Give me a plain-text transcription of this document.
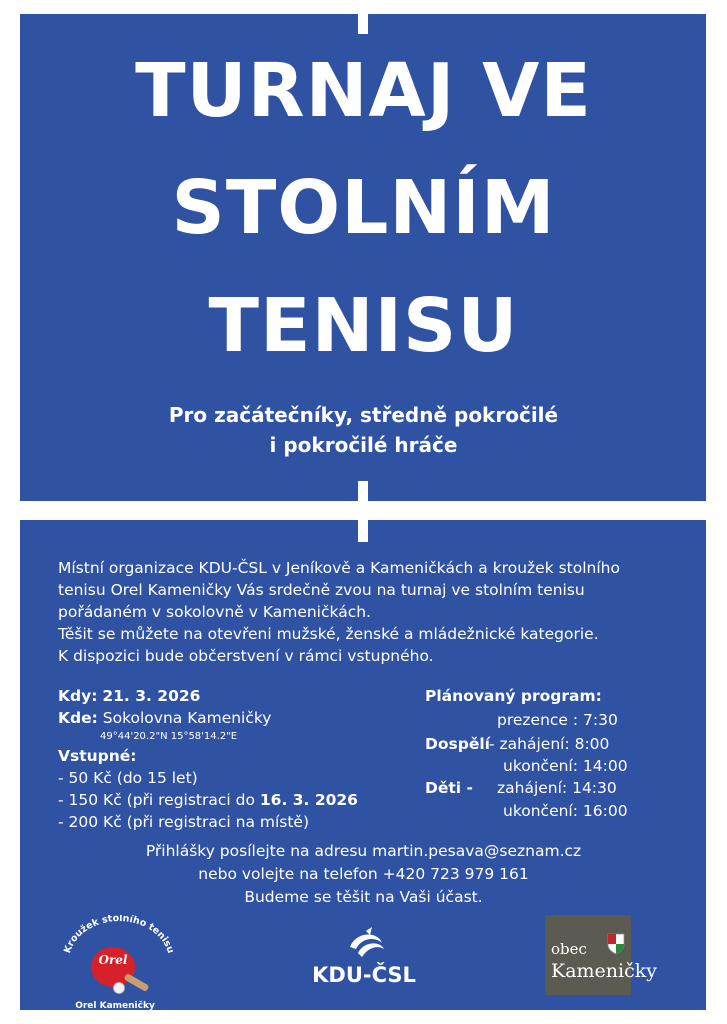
TURNAJ VE
STOLNÍM
TENISU
Pro začátečníky, středně pokročilé
i pokročilé hráče
Místní organizace KDU-ČSL v Jeníkově a Kameničkách a kroužek stolního
tenisu Orel Kameničky Vás srdečně zvou na turnaj ve stolním tenisu
pořádaném v sokolovně v Kameničkách.
Těšit se můžete na otevřeni mužské, ženské a mládežnické kategorie.
K dispozici bude občerstvení v rámci vstupného.
Kdy: 21. 3. 2026
Kde: Sokolovna Kameničky
49°44'20.2"N 15°58'14.2"E
Vstupné:
- 50 Kč (do 15 let)
- 150 Kč (při registraci do 16. 3. 2026
- 200 Kč (při registraci na místě)
Plánovaný program:
prezence : 7:30
Dospělí - zahájení: 8:00
ukončení: 14:00
Děti - zahájení: 14:30
ukončení: 16:00
Přihlášky posílejte na adresu martin.pesava@seznam.cz
nebo volejte na telefon +420 723 979 161
Budeme se těšit na Vaši účast.
Kroužek stolního tenisu
Orel
Orel Kameničky
KDU-ČSL
obec
Kameničky
